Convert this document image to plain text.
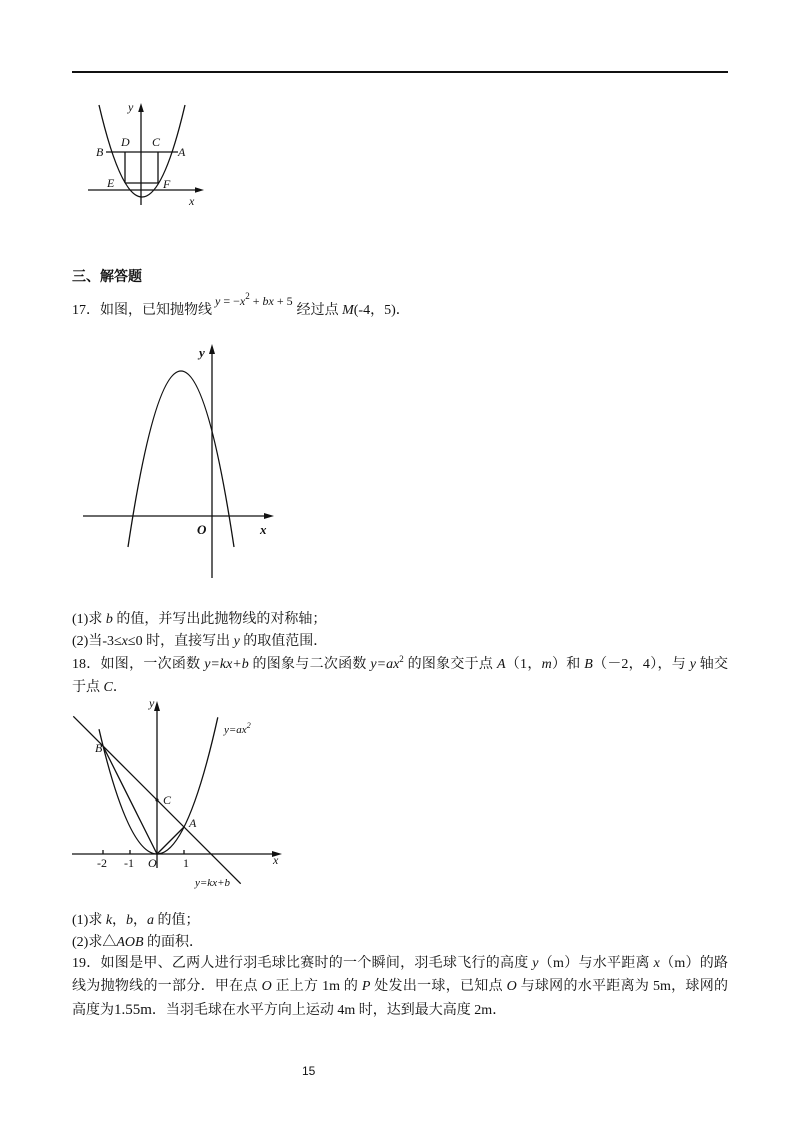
y
B
D C
A
E	F
x
三、解答题
17．如图，已知抛物线$y = -x^2$ + bx + 5经过点 M(-4，5)．
y
O	x
(1)求 b 的值，并写出此抛物线的对称轴；
(2)当-3≤x≤0 时，直接写出 y 的取值范围．
18．如图，一次函数 y=kx+b 的图象与二次函数 $y=ax^2$ 的图象交于点 A（1，m）和 B（－2，4），与 y 轴交
于点 C．
y
$y=ax^2$
B
C
A
-2 -1 O 1	x
y=kx+b
(1)求 k，b，a 的值；
(2)求△AOB 的面积．
19．如图是甲、乙两人进行羽毛球比赛时的一个瞬间，羽毛球飞行的高度 y（m）与水平距离 x（m）的路
线为抛物线的一部分．甲在点 O 正上方 1m 的 P 处发出一球，已知点 O 与球网的水平距离为 5m，球网的
高度为1.55m．当羽毛球在水平方向上运动 4m 时，达到最大高度 2m．
15
